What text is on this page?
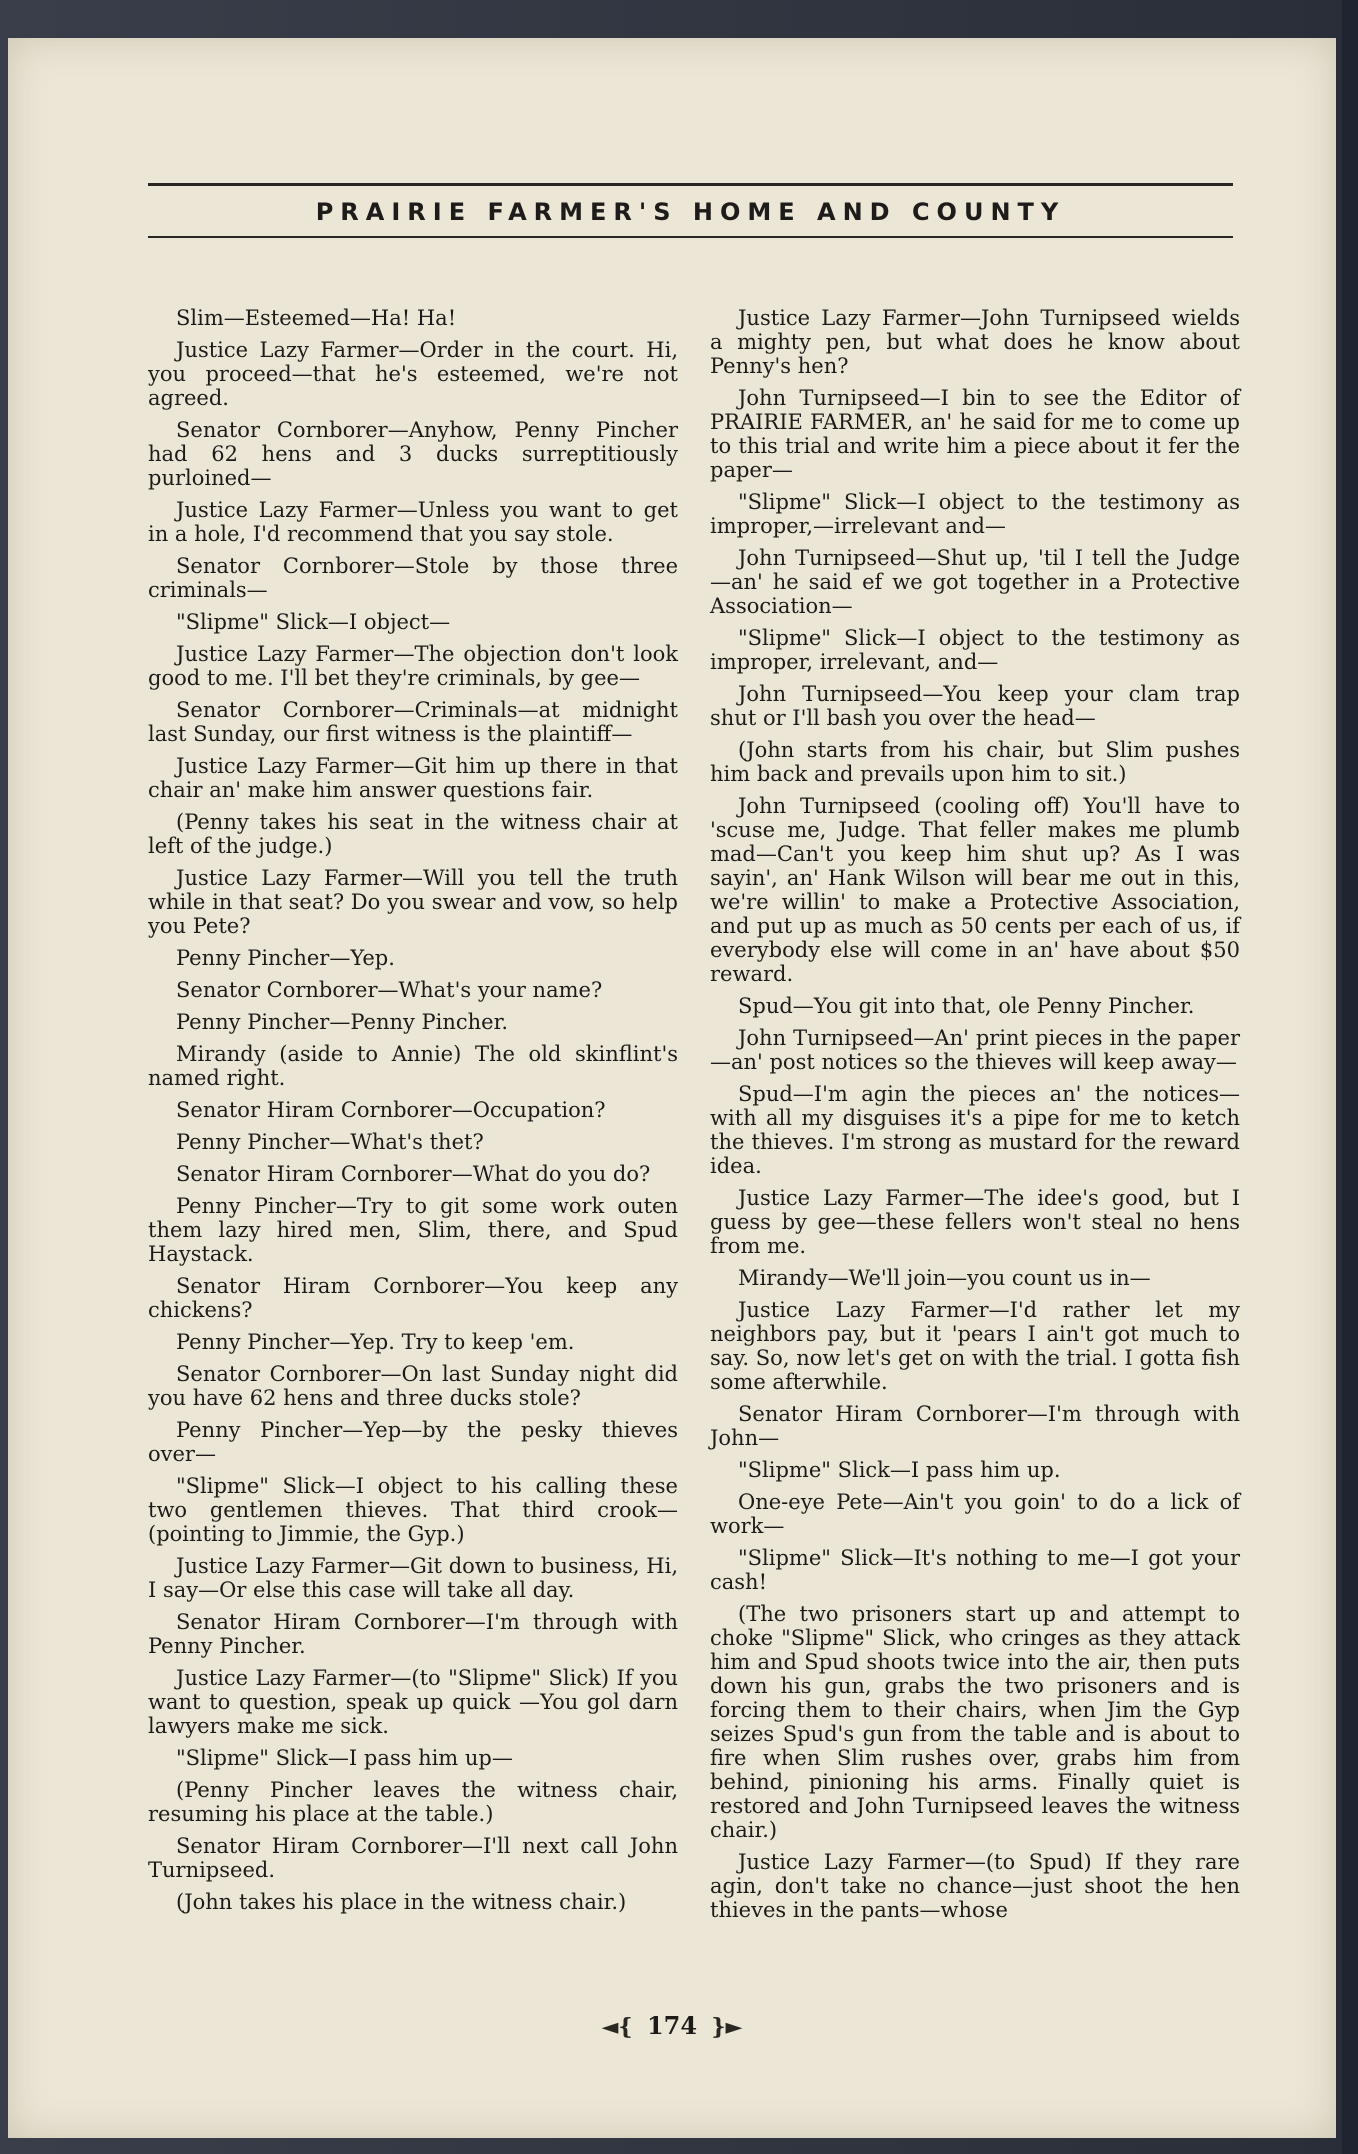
PRAIRIE FARMER'S HOME AND COUNTY

Slim—Esteemed—Ha! Ha!

Justice Lazy Farmer—Order in the court. Hi, you proceed—that he's esteemed, we're not agreed.

Senator Cornborer—Anyhow, Penny Pincher had 62 hens and 3 ducks surreptitiously purloined—

Justice Lazy Farmer—Unless you want to get in a hole, I'd recommend that you say stole.

Senator Cornborer—Stole by those three criminals—

"Slipme" Slick—I object—

Justice Lazy Farmer—The objection don't look good to me. I'll bet they're criminals, by gee—

Senator Cornborer—Criminals—at midnight last Sunday, our first witness is the plaintiff—

Justice Lazy Farmer—Git him up there in that chair an' make him answer questions fair.

(Penny takes his seat in the witness chair at left of the judge.)

Justice Lazy Farmer—Will you tell the truth while in that seat? Do you swear and vow, so help you Pete?

Penny Pincher—Yep.

Senator Cornborer—What's your name?

Penny Pincher—Penny Pincher.

Mirandy (aside to Annie) The old skinflint's named right.

Senator Hiram Cornborer—Occupation?

Penny Pincher—What's thet?

Senator Hiram Cornborer—What do you do?

Penny Pincher—Try to git some work outen them lazy hired men, Slim, there, and Spud Haystack.

Senator Hiram Cornborer—You keep any chickens?

Penny Pincher—Yep. Try to keep 'em.

Senator Cornborer—On last Sunday night did you have 62 hens and three ducks stole?

Penny Pincher—Yep—by the pesky thieves over—

"Slipme" Slick—I object to his calling these two gentlemen thieves. That third crook—(pointing to Jimmie, the Gyp.)

Justice Lazy Farmer—Git down to business, Hi, I say—Or else this case will take all day.

Senator Hiram Cornborer—I'm through with Penny Pincher.

Justice Lazy Farmer—(to "Slipme" Slick) If you want to question, speak up quick —You gol darn lawyers make me sick.

"Slipme" Slick—I pass him up—

(Penny Pincher leaves the witness chair, resuming his place at the table.)

Senator Hiram Cornborer—I'll next call John Turnipseed.

(John takes his place in the witness chair.)

Justice Lazy Farmer—John Turnipseed wields a mighty pen, but what does he know about Penny's hen?

John Turnipseed—I bin to see the Editor of PRAIRIE FARMER, an' he said for me to come up to this trial and write him a piece about it fer the paper—

"Slipme" Slick—I object to the testimony as improper,—irrelevant and—

John Turnipseed—Shut up, 'til I tell the Judge—an' he said ef we got together in a Protective Association—

"Slipme" Slick—I object to the testimony as improper, irrelevant, and—

John Turnipseed—You keep your clam trap shut or I'll bash you over the head—

(John starts from his chair, but Slim pushes him back and prevails upon him to sit.)

John Turnipseed (cooling off) You'll have to 'scuse me, Judge. That feller makes me plumb mad—Can't you keep him shut up? As I was sayin', an' Hank Wilson will bear me out in this, we're willin' to make a Protective Association, and put up as much as 50 cents per each of us, if everybody else will come in an' have about $50 reward.

Spud—You git into that, ole Penny Pincher.

John Turnipseed—An' print pieces in the paper—an' post notices so the thieves will keep away—

Spud—I'm agin the pieces an' the notices—with all my disguises it's a pipe for me to ketch the thieves. I'm strong as mustard for the reward idea.

Justice Lazy Farmer—The idee's good, but I guess by gee—these fellers won't steal no hens from me.

Mirandy—We'll join—you count us in—

Justice Lazy Farmer—I'd rather let my neighbors pay, but it 'pears I ain't got much to say. So, now let's get on with the trial. I gotta fish some afterwhile.

Senator Hiram Cornborer—I'm through with John—

"Slipme" Slick—I pass him up.

One-eye Pete—Ain't you goin' to do a lick of work—

"Slipme" Slick—It's nothing to me—I got your cash!

(The two prisoners start up and attempt to choke "Slipme" Slick, who cringes as they attack him and Spud shoots twice into the air, then puts down his gun, grabs the two prisoners and is forcing them to their chairs, when Jim the Gyp seizes Spud's gun from the table and is about to fire when Slim rushes over, grabs him from behind, pinioning his arms. Finally quiet is restored and John Turnipseed leaves the witness chair.)

Justice Lazy Farmer—(to Spud) If they rare agin, don't take no chance—just shoot the hen thieves in the pants—whose

◄{ 174 }►
